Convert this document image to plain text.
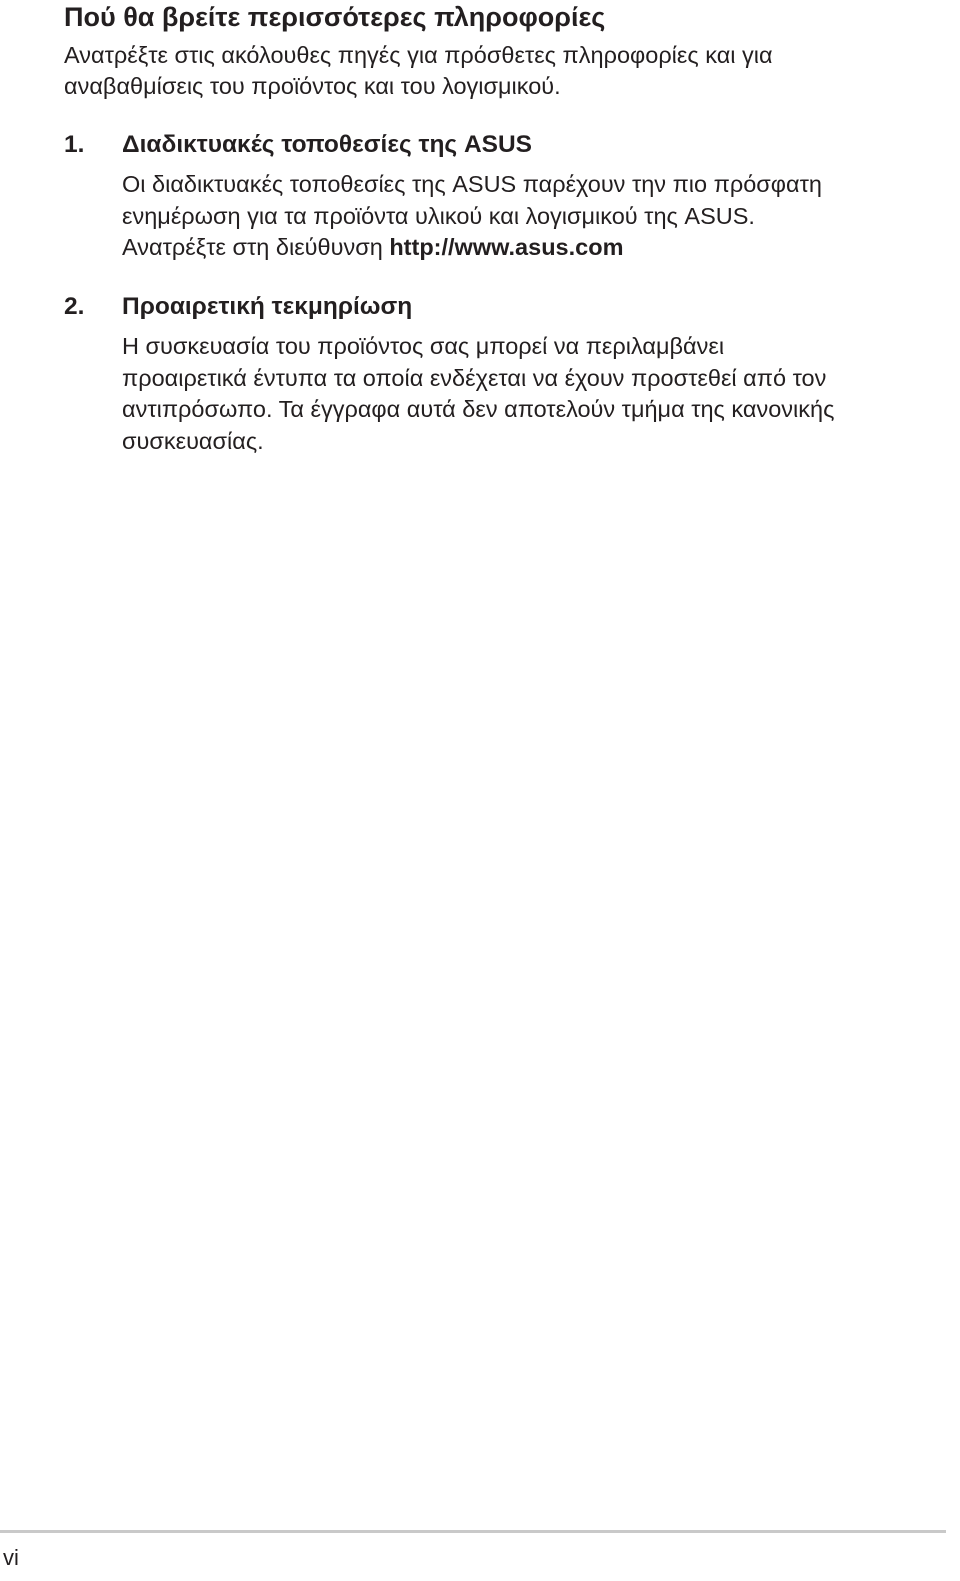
Πού θα βρείτε περισσότερες πληροφορίες
Ανατρέξτε στις ακόλουθες πηγές για πρόσθετες πληροφορίες και για
αναβαθμίσεις του προϊόντος και του λογισμικού.
1. Διαδικτυακές τοποθεσίες της ASUS
Οι διαδικτυακές τοποθεσίες της ASUS παρέχουν την πιο πρόσφατη
ενημέρωση για τα προϊόντα υλικού και λογισμικού της ASUS.
Ανατρέξτε στη διεύθυνση http://www.asus.com
2. Προαιρετική τεκμηρίωση
Η συσκευασία του προϊόντος σας μπορεί να περιλαμβάνει
προαιρετικά έντυπα τα οποία ενδέχεται να έχουν προστεθεί από τον
αντιπρόσωπο. Τα έγγραφα αυτά δεν αποτελούν τμήμα της κανονικής
συσκευασίας.
vi
